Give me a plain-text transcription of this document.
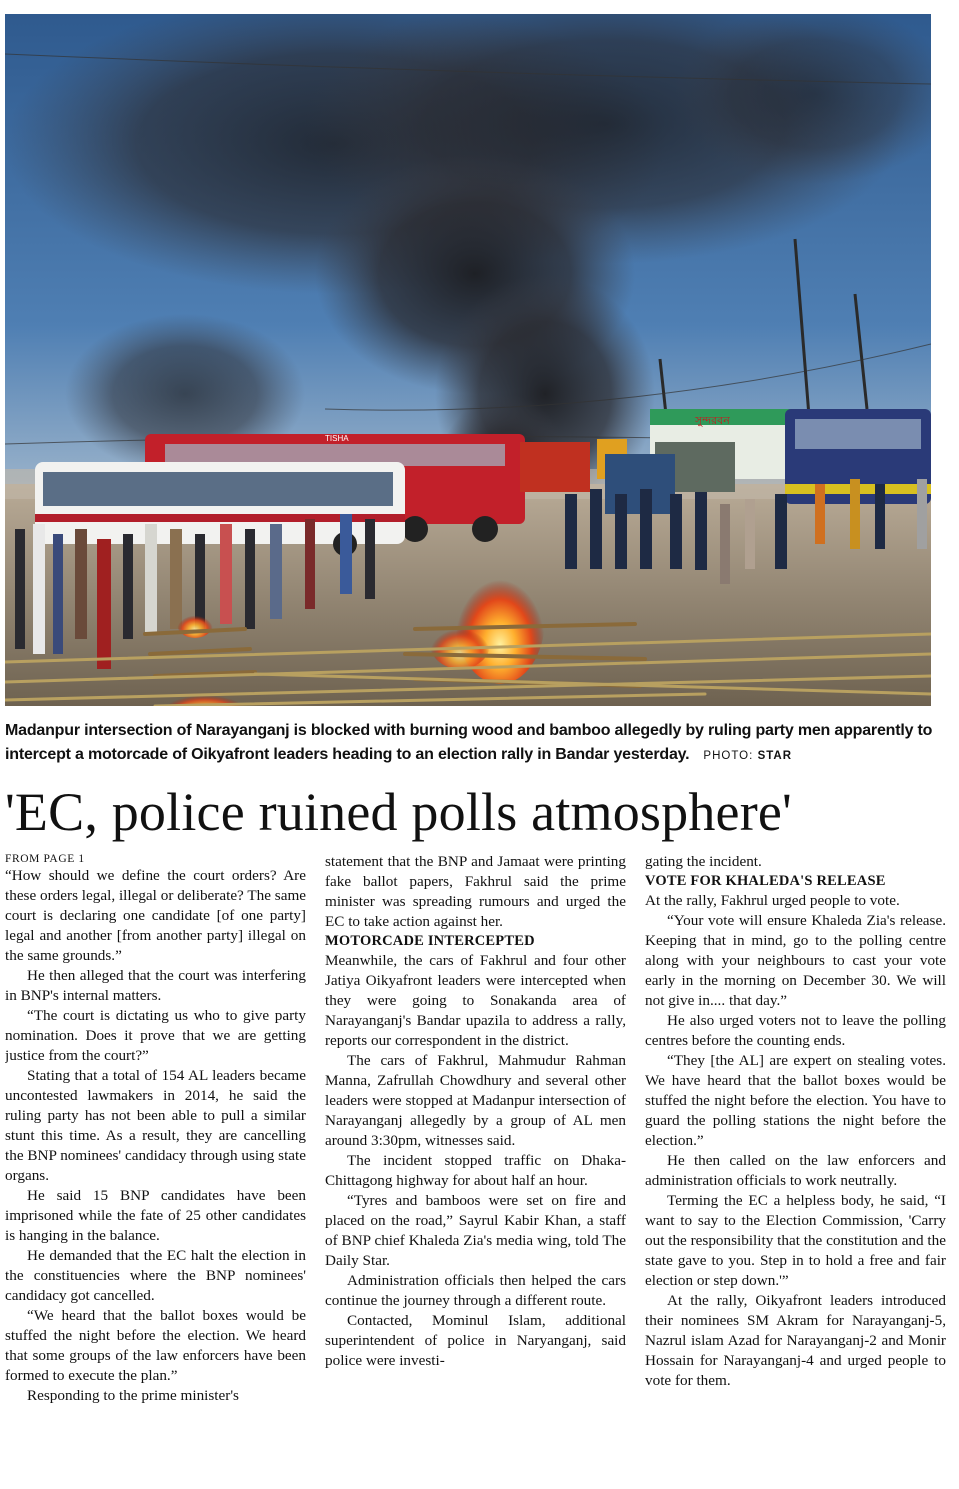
TISHA
সুন্দরবন
Madanpur intersection of Narayanganj is blocked with burning wood and bamboo allegedly by ruling party men apparently to intercept a motorcade of Oikyafront leaders heading to an election rally in Bandar yesterday. PHOTO: STAR
'EC, police ruined polls atmosphere'

FROM PAGE 1

“How should we define the court orders? Are these orders legal, illegal or deliberate? The same court is declaring one candidate [of one party] legal and another [from another party] illegal on the same grounds.”

He then alleged that the court was interfering in BNP's internal matters.

“The court is dictating us who to give party nomination. Does it prove that we are getting justice from the court?”

Stating that a total of 154 AL leaders became uncontested lawmakers in 2014, he said the ruling party has not been able to pull a similar stunt this time. As a result, they are cancelling the BNP nominees' candidacy through using state organs.

He said 15 BNP candidates have been imprisoned while the fate of 25 other candidates is hanging in the balance.

He demanded that the EC halt the election in the constituencies where the BNP nominees' candidacy got cancelled.

“We heard that the ballot boxes would be stuffed the night before the election. We heard that some groups of the law enforcers have been formed to execute the plan.”

Responding to the prime minister's

statement that the BNP and Jamaat were printing fake ballot papers, Fakhrul said the prime minister was spreading rumours and urged the EC to take action against her.

MOTORCADE INTERCEPTED

Meanwhile, the cars of Fakhrul and four other Jatiya Oikyafront leaders were intercepted when they were going to Sonakanda area of Narayanganj's Bandar upazila to address a rally, reports our correspondent in the district.

The cars of Fakhrul, Mahmudur Rahman Manna, Zafrullah Chowdhury and several other leaders were stopped at Madanpur intersection of Narayanganj allegedly by a group of AL men around 3:30pm, witnesses said.

The incident stopped traffic on Dhaka-Chittagong highway for about half an hour.

“Tyres and bamboos were set on fire and placed on the road,” Sayrul Kabir Khan, a staff of BNP chief Khaleda Zia's media wing, told The Daily Star.

Administration officials then helped the cars continue the journey through a different route.

Contacted, Mominul Islam, additional superintendent of police in Naryanganj, said police were investi-

gating the incident.

VOTE FOR KHALEDA'S RELEASE

At the rally, Fakhrul urged people to vote.

“Your vote will ensure Khaleda Zia's release. Keeping that in mind, go to the polling centre along with your neighbours to cast your vote early in the morning on December 30. We will not give in.... that day.”

He also urged voters not to leave the polling centres before the counting ends.

“They [the AL] are expert on stealing votes. We have heard that the ballot boxes would be stuffed the night before the election. You have to guard the polling stations the night before the election.”

He then called on the law enforcers and administration officials to work neutrally.

Terming the EC a helpless body, he said, “I want to say to the Election Commission, 'Carry out the responsibility that the constitution and the state gave to you. Step in to hold a free and fair election or step down.'”

At the rally, Oikyafront leaders introduced their nominees SM Akram for Narayanganj-5, Nazrul islam Azad for Narayanganj-2 and Monir Hossain for Narayanganj-4 and urged people to vote for them.
